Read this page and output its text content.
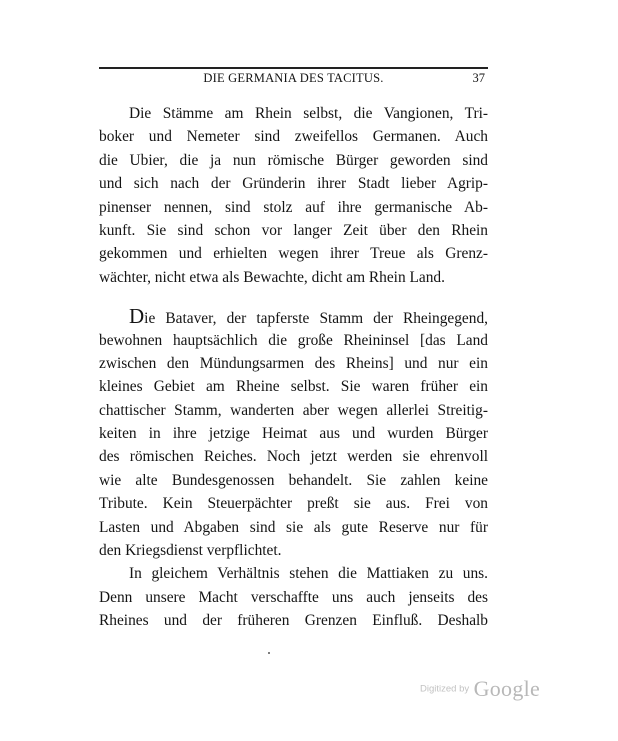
DIE GERMANIA DES TACITUS.	37
Die Stämme am Rhein selbst, die Vangionen, Tri-
boker und Nemeter sind zweifellos Germanen. Auch
die Ubier, die ja nun römische Bürger geworden sind
und sich nach der Gründerin ihrer Stadt lieber Agrip-
pinenser nennen, sind stolz auf ihre germanische Ab-
kunft. Sie sind schon vor langer Zeit über den Rhein
gekommen und erhielten wegen ihrer Treue als Grenz-
wächter, nicht etwa als Bewachte, dicht am Rhein Land.
Die Bataver, der tapferste Stamm der Rheingegend,
bewohnen hauptsächlich die große Rheininsel [das Land
zwischen den Mündungsarmen des Rheins] und nur ein
kleines Gebiet am Rheine selbst. Sie waren früher ein
chattischer Stamm, wanderten aber wegen allerlei Streitig-
keiten in ihre jetzige Heimat aus und wurden Bürger
des römischen Reiches. Noch jetzt werden sie ehrenvoll
wie alte Bundesgenossen behandelt. Sie zahlen keine
Tribute. Kein Steuerpächter preßt sie aus. Frei von
Lasten und Abgaben sind sie als gute Reserve nur für
den Kriegsdienst verpflichtet.
In gleichem Verhältnis stehen die Mattiaken zu uns.
Denn unsere Macht verschaffte uns auch jenseits des
Rheines und der früheren Grenzen Einfluß. Deshalb
Digitized by Google
